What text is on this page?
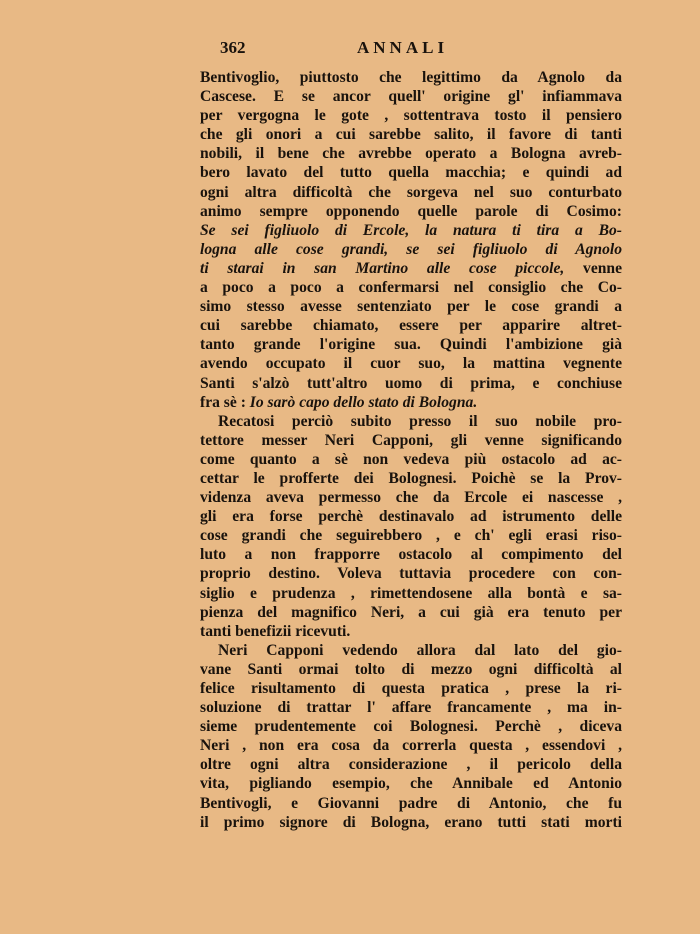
362	ANNALI
Bentivoglio, piuttosto che legittimo da Agnolo da
Cascese. E se ancor quell' origine gl' infiammava
per vergogna le gote , sottentrava tosto il pensiero
che gli onori a cui sarebbe salito, il favore di tanti
nobili, il bene che avrebbe operato a Bologna avreb-
bero lavato del tutto quella macchia; e quindi ad
ogni altra difficoltà che sorgeva nel suo conturbato
animo sempre opponendo quelle parole di Cosimo:
Se sei figliuolo di Ercole, la natura ti tira a Bo-
logna alle cose grandi, se sei figliuolo di Agnolo
ti starai in san Martino alle cose piccole, venne
a poco a poco a confermarsi nel consiglio che Co-
simo stesso avesse sentenziato per le cose grandi a
cui sarebbe chiamato, essere per apparire altret-
tanto grande l'origine sua. Quindi l'ambizione già
avendo occupato il cuor suo, la mattina vegnente
Santi s'alzò tutt'altro uomo di prima, e conchiuse
fra sè : Io sarò capo dello stato di Bologna.
Recatosi perciò subito presso il suo nobile pro-
tettore messer Neri Capponi, gli venne significando
come quanto a sè non vedeva più ostacolo ad ac-
cettar le profferte dei Bolognesi. Poichè se la Prov-
videnza aveva permesso che da Ercole ei nascesse ,
gli era forse perchè destinavalo ad istrumento delle
cose grandi che seguirebbero , e ch' egli erasi riso-
luto a non frapporre ostacolo al compimento del
proprio destino. Voleva tuttavia procedere con con-
siglio e prudenza , rimettendosene alla bontà e sa-
pienza del magnifico Neri, a cui già era tenuto per
tanti benefizii ricevuti.
Neri Capponi vedendo allora dal lato del gio-
vane Santi ormai tolto di mezzo ogni difficoltà al
felice risultamento di questa pratica , prese la ri-
soluzione di trattar l' affare francamente , ma in-
sieme prudentemente coi Bolognesi. Perchè , diceva
Neri , non era cosa da correrla questa , essendovi ,
oltre ogni altra considerazione , il pericolo della
vita, pigliando esempio, che Annibale ed Antonio
Bentivogli, e Giovanni padre di Antonio, che fu
il primo signore di Bologna, erano tutti stati morti
